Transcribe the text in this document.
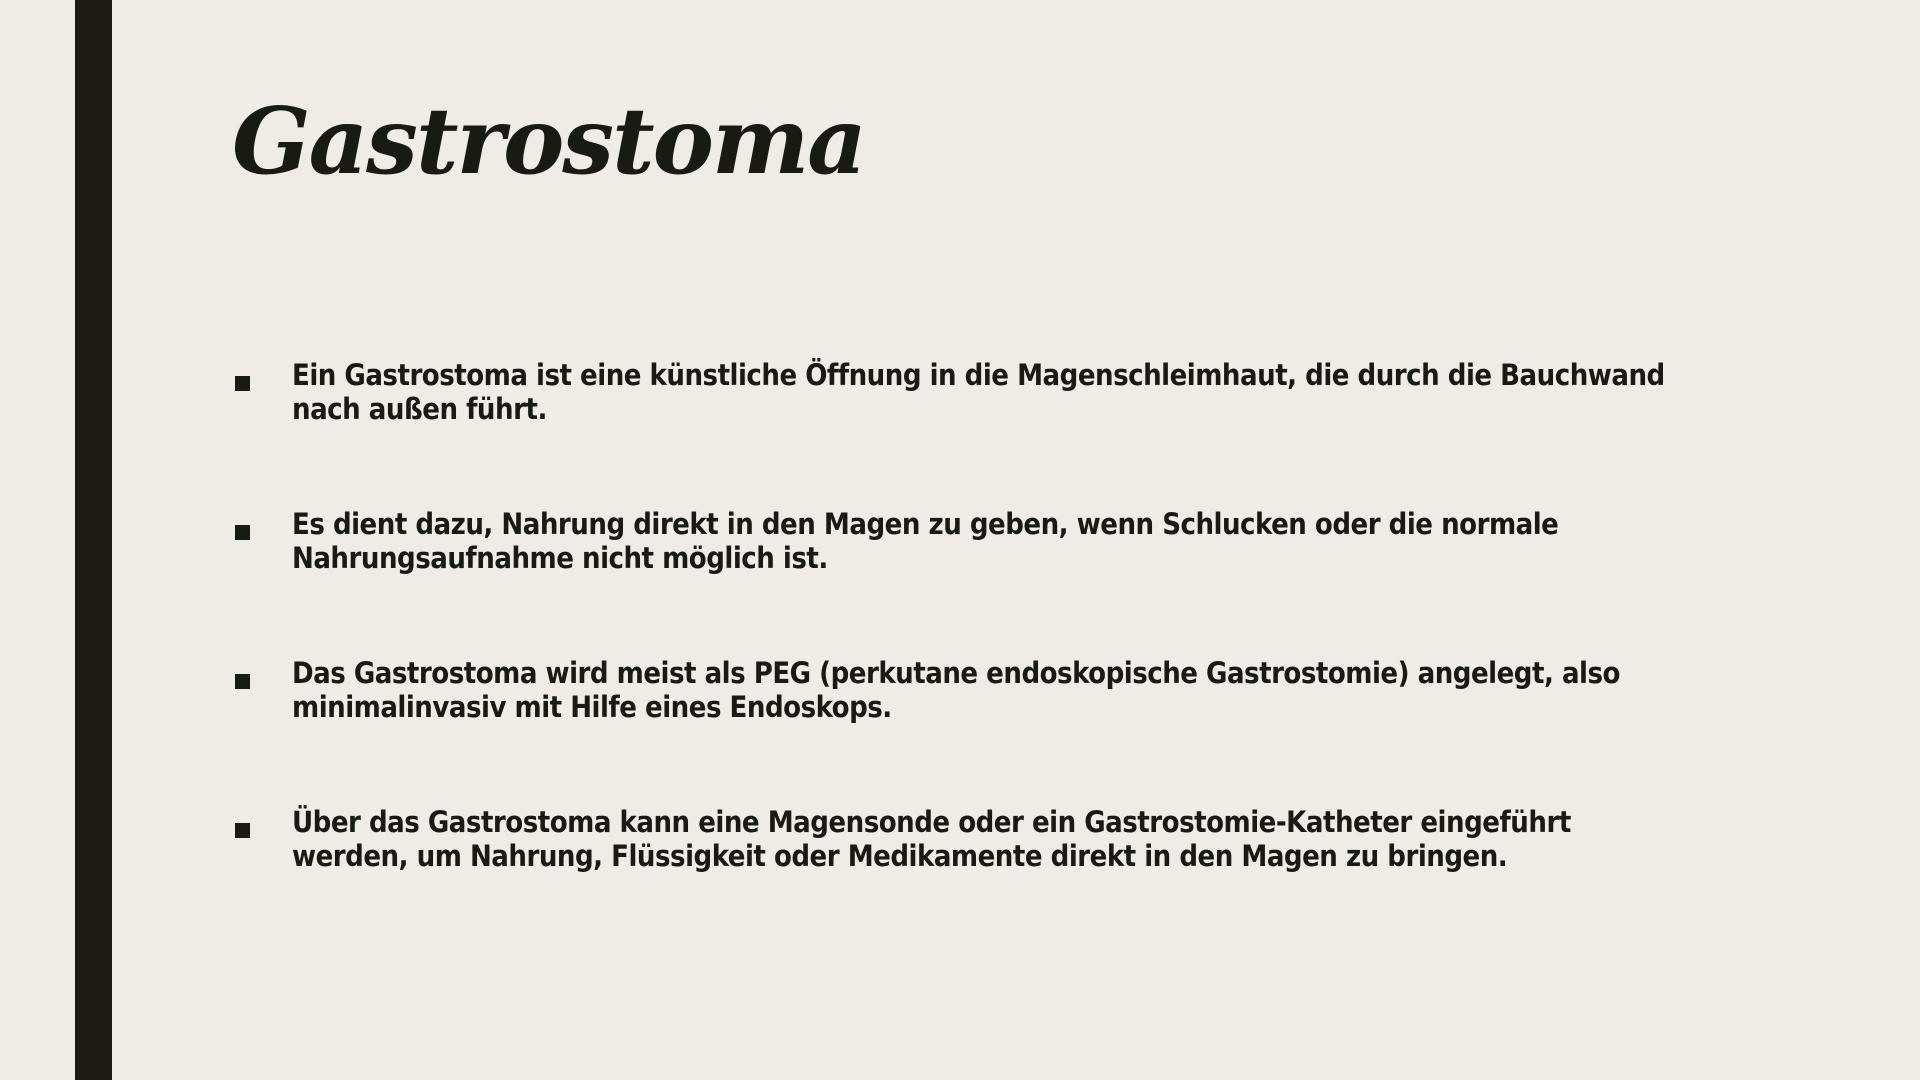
Gastrostoma

Ein Gastrostoma ist eine künstliche Öffnung in die Magenschleimhaut, die durch die Bauchwand nach außen führt.

Es dient dazu, Nahrung direkt in den Magen zu geben, wenn Schlucken oder die normale Nahrungsaufnahme nicht möglich ist.

Das Gastrostoma wird meist als PEG (perkutane endoskopische Gastrostomie) angelegt, also minimalinvasiv mit Hilfe eines Endoskops.

Über das Gastrostoma kann eine Magensonde oder ein Gastrostomie-Katheter eingeführt werden, um Nahrung, Flüssigkeit oder Medikamente direkt in den Magen zu bringen.
